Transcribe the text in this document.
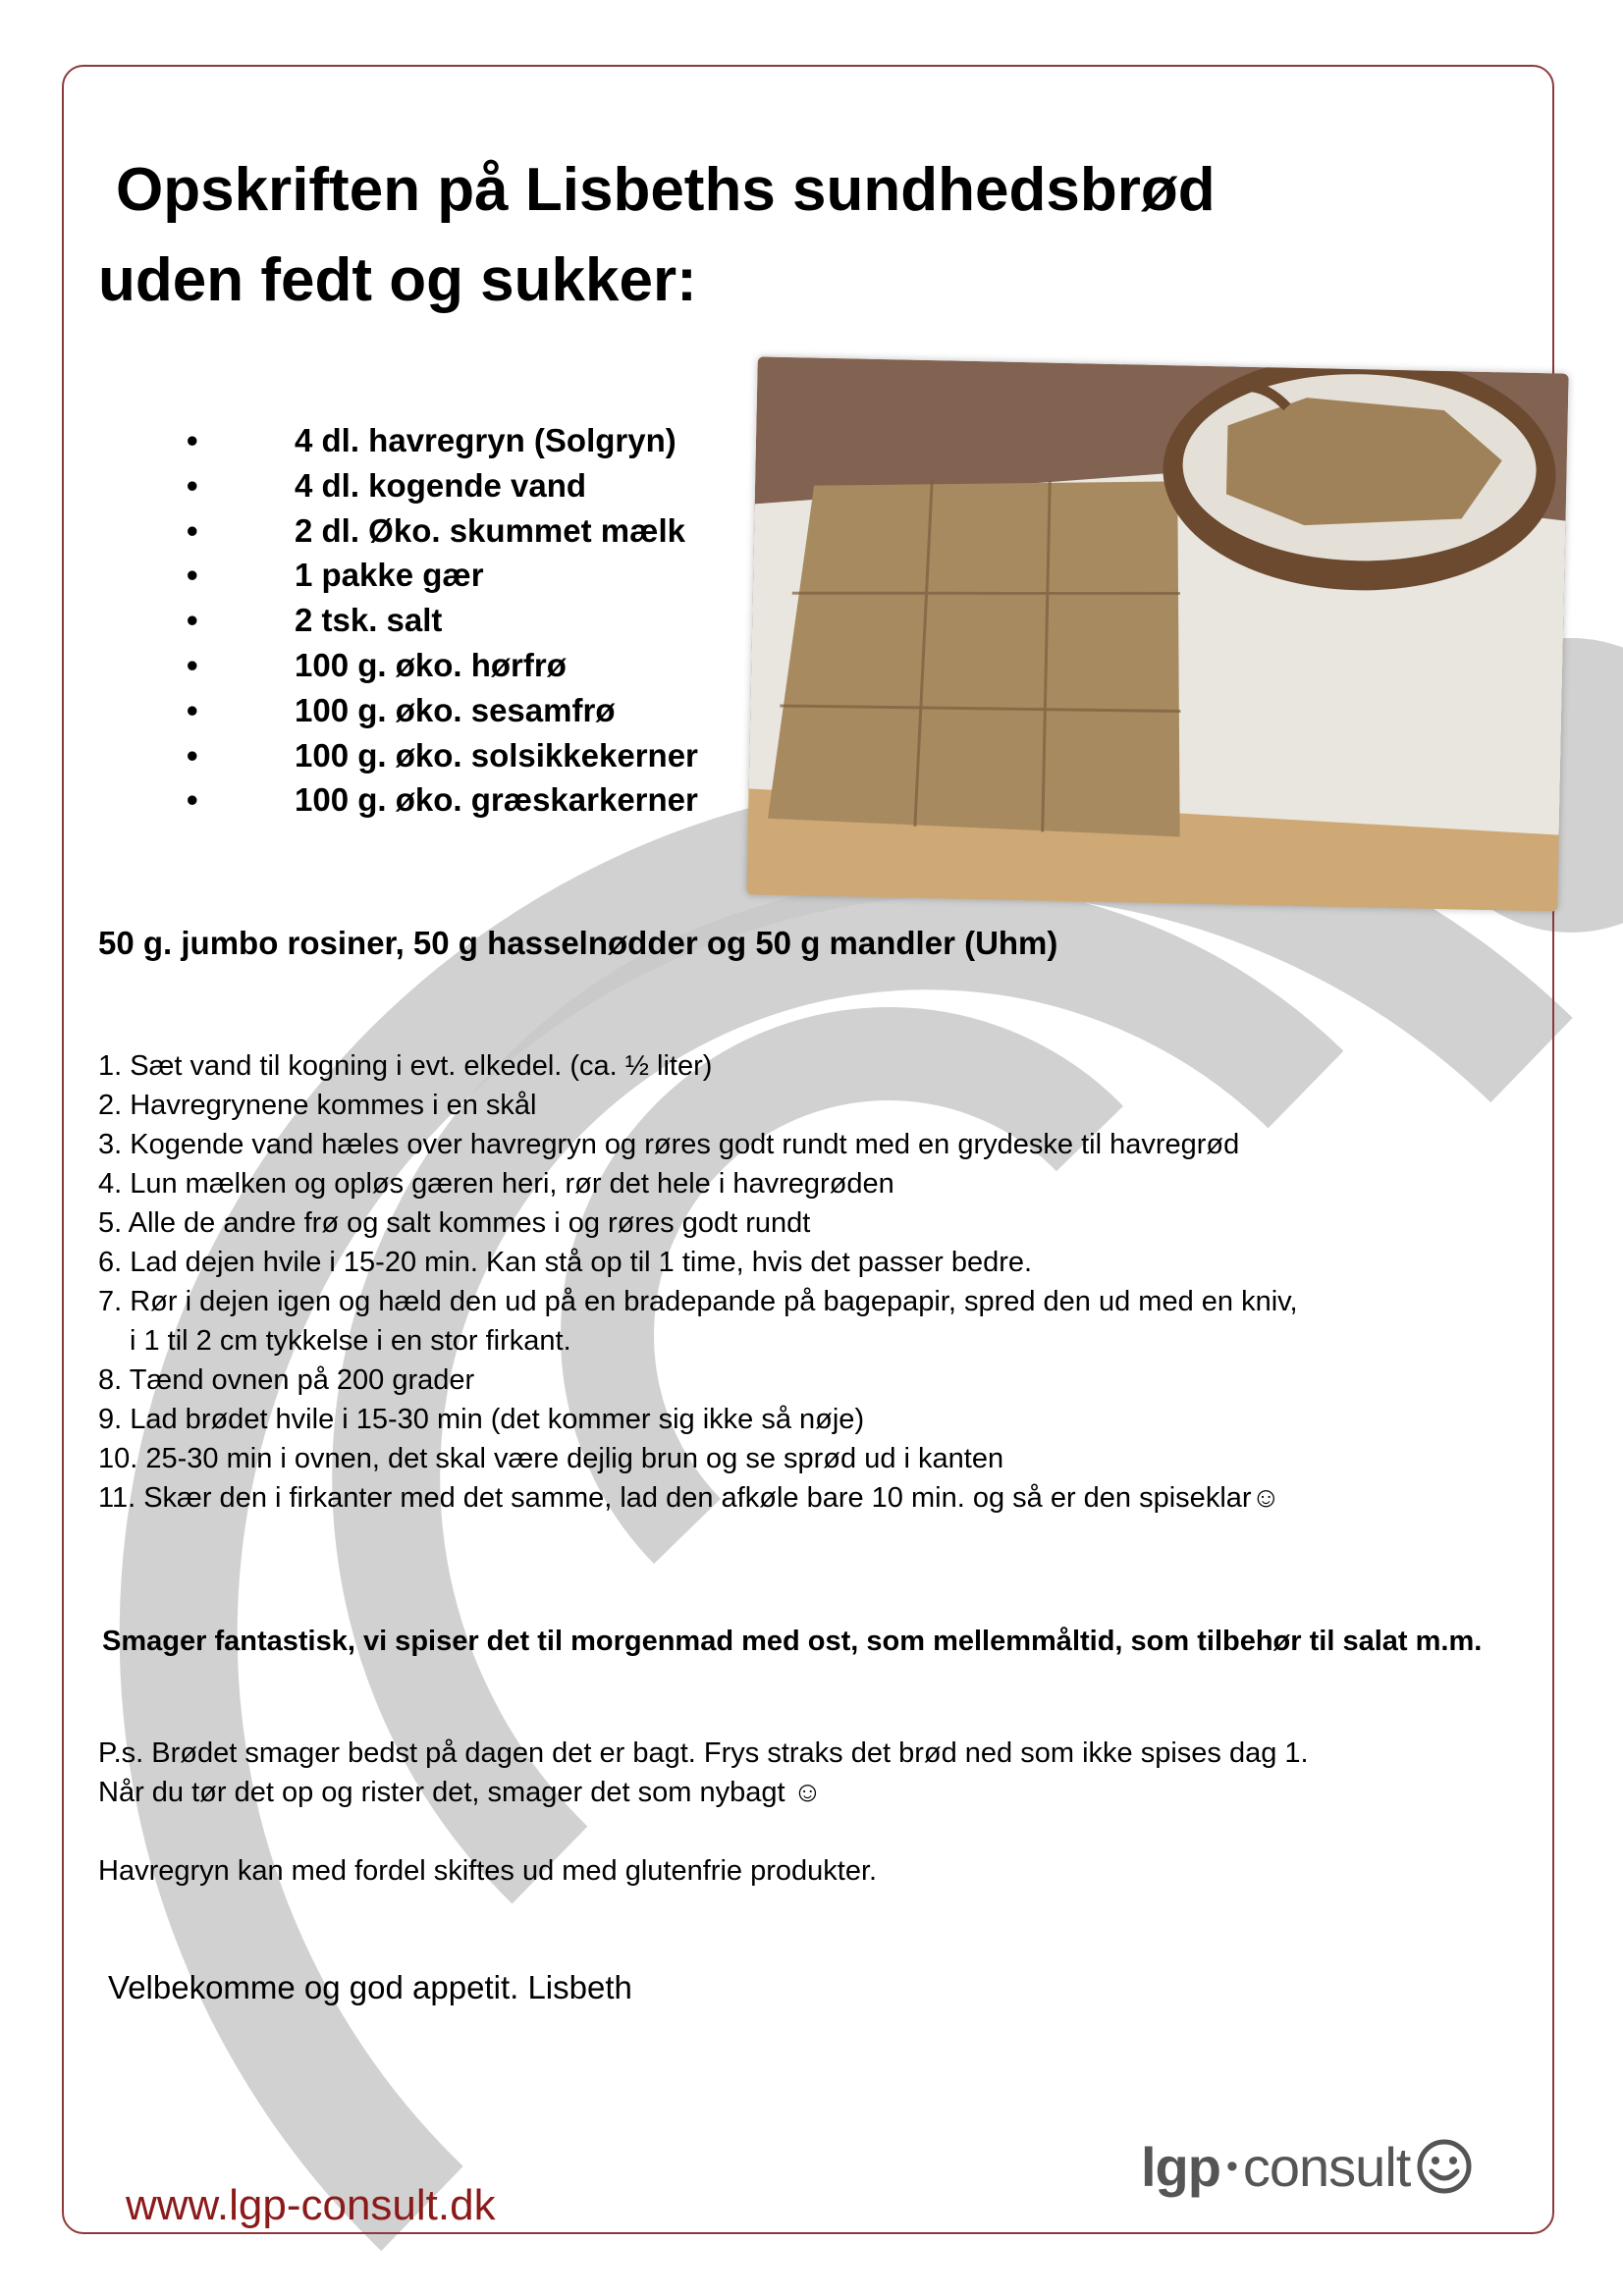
Opskriften på Lisbeths sundhedsbrød
uden fedt og sukker:
•	4 dl. havregryn (Solgryn)
•	4 dl. kogende vand
•	2 dl. Øko. skummet mælk
•	1 pakke gær
•	2 tsk. salt
•	100 g. øko. hørfrø
•	100 g. øko. sesamfrø
•	100 g. øko. solsikkekerner
•	100 g. øko. græskarkerner
50 g. jumbo rosiner, 50 g hasselnødder og 50 g mandler (Uhm)
1. Sæt vand til kogning i evt. elkedel. (ca. ½ liter)
2. Havregrynene kommes i en skål
3. Kogende vand hæles over havregryn og røres godt rundt med en grydeske til havregrød
4. Lun mælken og opløs gæren heri, rør det hele i havregrøden
5. Alle de andre frø og salt kommes i og røres godt rundt
6. Lad dejen hvile i 15-20 min. Kan stå op til 1 time, hvis det passer bedre.
7. Rør i dejen igen og hæld den ud på en bradepande på bagepapir, spred den ud med en kniv,
i 1 til 2 cm tykkelse i en stor firkant.
8. Tænd ovnen på 200 grader
9. Lad brødet hvile i 15-30 min (det kommer sig ikke så nøje)
10. 25-30 min i ovnen, det skal være dejlig brun og se sprød ud i kanten
11. Skær den i firkanter med det samme, lad den afkøle bare 10 min. og så er den spiseklar☺
Smager fantastisk, vi spiser det til morgenmad med ost, som mellemmåltid, som tilbehør til salat m.m.
P.s. Brødet smager bedst på dagen det er bagt. Frys straks det brød ned som ikke spises dag 1.
Når du tør det op og rister det, smager det som nybagt ☺
Havregryn kan med fordel skiftes ud med glutenfrie produkter.
Velbekomme og god appetit. Lisbeth
lgp • consult
www.lgp-consult.dk
